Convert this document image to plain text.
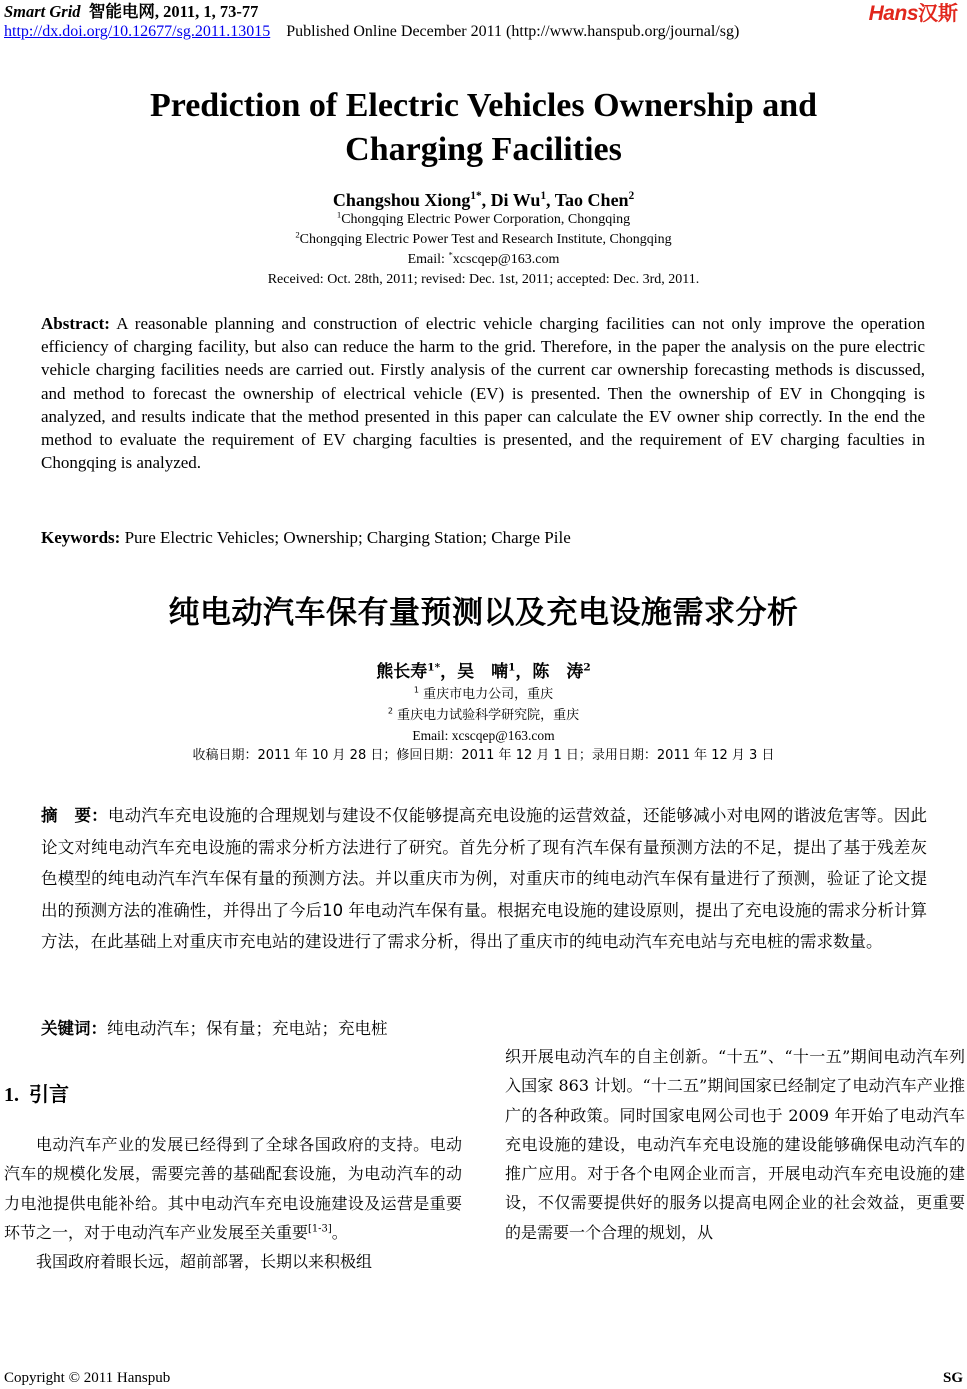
Smart Grid 智能电网, 2011, 1, 73-77
http://dx.doi.org/10.12677/sg.2011.13015 Published Online December 2011 (http://www.hanspub.org/journal/sg)
Hans汉斯
Prediction of Electric Vehicles Ownership and
Charging Facilities
Changshou Xiong$^{1*}$, Di Wu$^1$, Tao Chen$^2$
$^1$Chongqing Electric Power Corporation, Chongqing
$^2$Chongqing Electric Power Test and Research Institute, Chongqing
Email: *xcscqep@163.com
Received: Oct. 28th, 2011; revised: Dec. 1st, 2011; accepted: Dec. 3rd, 2011.
Abstract: A reasonable planning and construction of electric vehicle charging facilities can not only improve the operation efficiency of charging facility, but also can reduce the harm to the grid. Therefore, in the paper the analysis on the pure electric vehicle charging facilities needs are carried out. Firstly analysis of the current car ownership forecasting methods is discussed, and method to forecast the ownership of electrical vehicle (EV) is presented. Then the ownership of EV in Chongqing is analyzed, and results indicate that the method presented in this paper can calculate the EV owner ship correctly. In the end the method to evaluate the requirement of EV charging faculties is presented, and the requirement of EV charging faculties in Chongqing is analyzed.
Keywords: Pure Electric Vehicles; Ownership; Charging Station; Charge Pile
纯电动汽车保有量预测以及充电设施需求分析
熊长寿$^{1*}$，吴　喃$^1$，陈　涛$^2$
$^1$ 重庆市电力公司，重庆
$^2$ 重庆电力试验科学研究院，重庆
Email: xcscqep@163.com
收稿日期：2011 年 10 月 28 日；修回日期：2011 年 12 月 1 日；录用日期：2011 年 12 月 3 日
摘　要：电动汽车充电设施的合理规划与建设不仅能够提高充电设施的运营效益，还能够减小对电网的谐波危害等。因此论文对纯电动汽车充电设施的需求分析方法进行了研究。首先分析了现有汽车保有量预测方法的不足，提出了基于残差灰色模型的纯电动汽车汽车保有量的预测方法。并以重庆市为例，对重庆市的纯电动汽车保有量进行了预测，验证了论文提出的预测方法的准确性，并得出了今后10 年电动汽车保有量。根据充电设施的建设原则，提出了充电设施的需求分析计算方法，在此基础上对重庆市充电站的建设进行了需求分析，得出了重庆市的纯电动汽车充电站与充电桩的需求数量。
关键词：纯电动汽车；保有量；充电站；充电桩
1. 引言

电动汽车产业的发展已经得到了全球各国政府的支持。电动汽车的规模化发展，需要完善的基础配套设施，为电动汽车的动力电池提供电能补给。其中电动汽车充电设施建设及运营是重要环节之一，对于电动汽车产业发展至关重要[1-3]。

我国政府着眼长远，超前部署，长期以来积极组

织开展电动汽车的自主创新。“十五”、“十一五”期间电动汽车列入国家 863 计划。“十二五”期间国家已经制定了电动汽车产业推广的各种政策。同时国家电网公司也于 2009 年开始了电动汽车充电设施的建设，电动汽车充电设施的建设能够确保电动汽车的推广应用。对于各个电网企业而言，开展电动汽车充电设施的建设，不仅需要提供好的服务以提高电网企业的社会效益，更重要的是需要一个合理的规划，从

Copyright © 2011 Hanspub	SG
